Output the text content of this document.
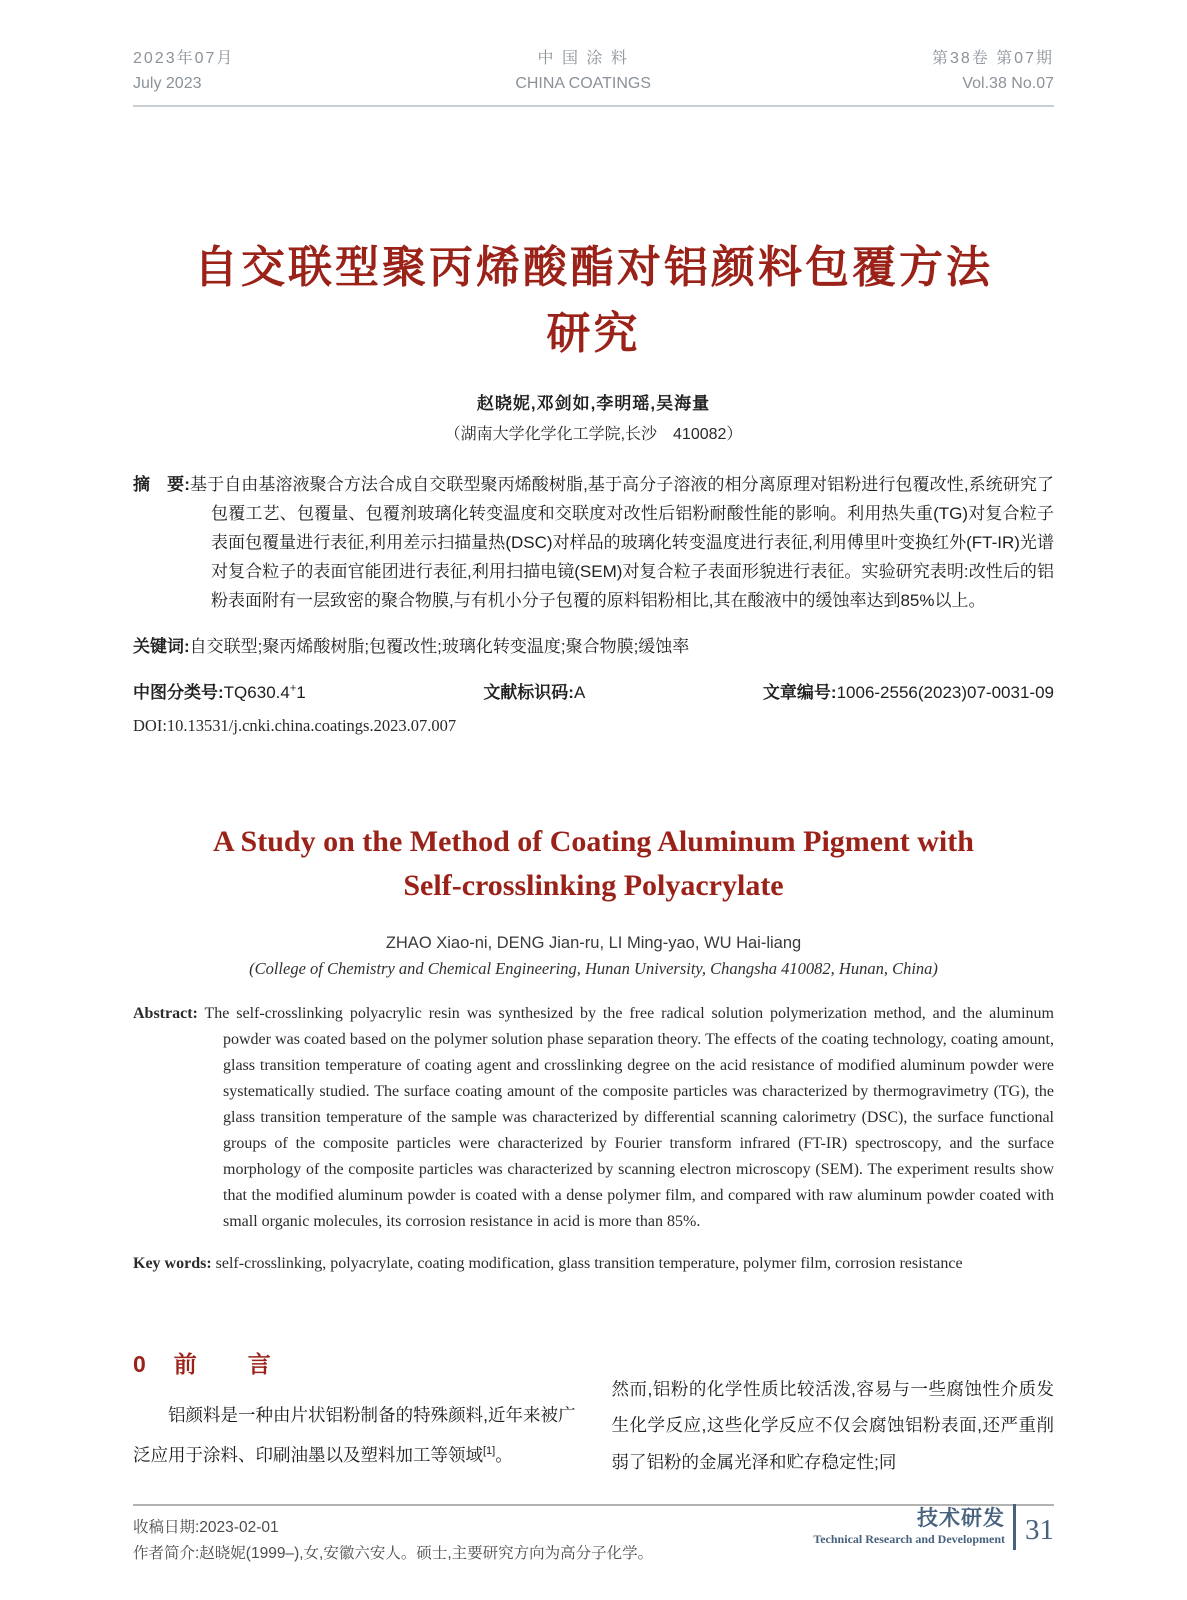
2023年07月
July 2023
中 国 涂 料
CHINA COATINGS
第38卷 第07期
Vol.38 No.07
自交联型聚丙烯酸酯对铝颜料包覆方法
研究
赵晓妮,邓剑如,李明瑶,吴海量
（湖南大学化学化工学院,长沙　410082）

摘　要:基于自由基溶液聚合方法合成自交联型聚丙烯酸树脂,基于高分子溶液的相分离原理对铝粉进行包覆改性,系统研究了包覆工艺、包覆量、包覆剂玻璃化转变温度和交联度对改性后铝粉耐酸性能的影响。利用热失重(TG)对复合粒子表面包覆量进行表征,利用差示扫描量热(DSC)对样品的玻璃化转变温度进行表征,利用傅里叶变换红外(FT-IR)光谱对复合粒子的表面官能团进行表征,利用扫描电镜(SEM)对复合粒子表面形貌进行表征。实验研究表明:改性后的铝粉表面附有一层致密的聚合物膜,与有机小分子包覆的原料铝粉相比,其在酸液中的缓蚀率达到85%以上。

关键词:自交联型;聚丙烯酸树脂;包覆改性;玻璃化转变温度;聚合物膜;缓蚀率

中图分类号:TQ630.4+1	文献标识码:A	文章编号:1006-2556(2023)07-0031-09
DOI:10.13531/j.cnki.china.coatings.2023.07.007
A Study on the Method of Coating Aluminum Pigment with
Self-crosslinking Polyacrylate
ZHAO Xiao-ni, DENG Jian-ru, LI Ming-yao, WU Hai-liang
(College of Chemistry and Chemical Engineering, Hunan University, Changsha 410082, Hunan, China)

Abstract: The self-crosslinking polyacrylic resin was synthesized by the free radical solution polymerization method, and the aluminum powder was coated based on the polymer solution phase separation theory. The effects of the coating technology, coating amount, glass transition temperature of coating agent and crosslinking degree on the acid resistance of modified aluminum powder were systematically studied. The surface coating amount of the composite particles was characterized by thermogravimetry (TG), the glass transition temperature of the sample was characterized by differential scanning calorimetry (DSC), the surface functional groups of the composite particles were characterized by Fourier transform infrared (FT-IR) spectroscopy, and the surface morphology of the composite particles was characterized by scanning electron microscopy (SEM). The experiment results show that the modified aluminum powder is coated with a dense polymer film, and compared with raw aluminum powder coated with small organic molecules, its corrosion resistance in acid is more than 85%.

Key words: self-crosslinking, polyacrylate, coating modification, glass transition temperature, polymer film, corrosion resistance

0 前　言

铝颜料是一种由片状铝粉制备的特殊颜料,近年来被广泛应用于涂料、印刷油墨以及塑料加工等领域[1]。

然而,铝粉的化学性质比较活泼,容易与一些腐蚀性介质发生化学反应,这些化学反应不仅会腐蚀铝粉表面,还严重削弱了铝粉的金属光泽和贮存稳定性;同

收稿日期:2023-02-01
作者简介:赵晓妮(1999–),女,安徽六安人。硕士,主要研究方向为高分子化学。
技术研发
Technical Research and Development 31
